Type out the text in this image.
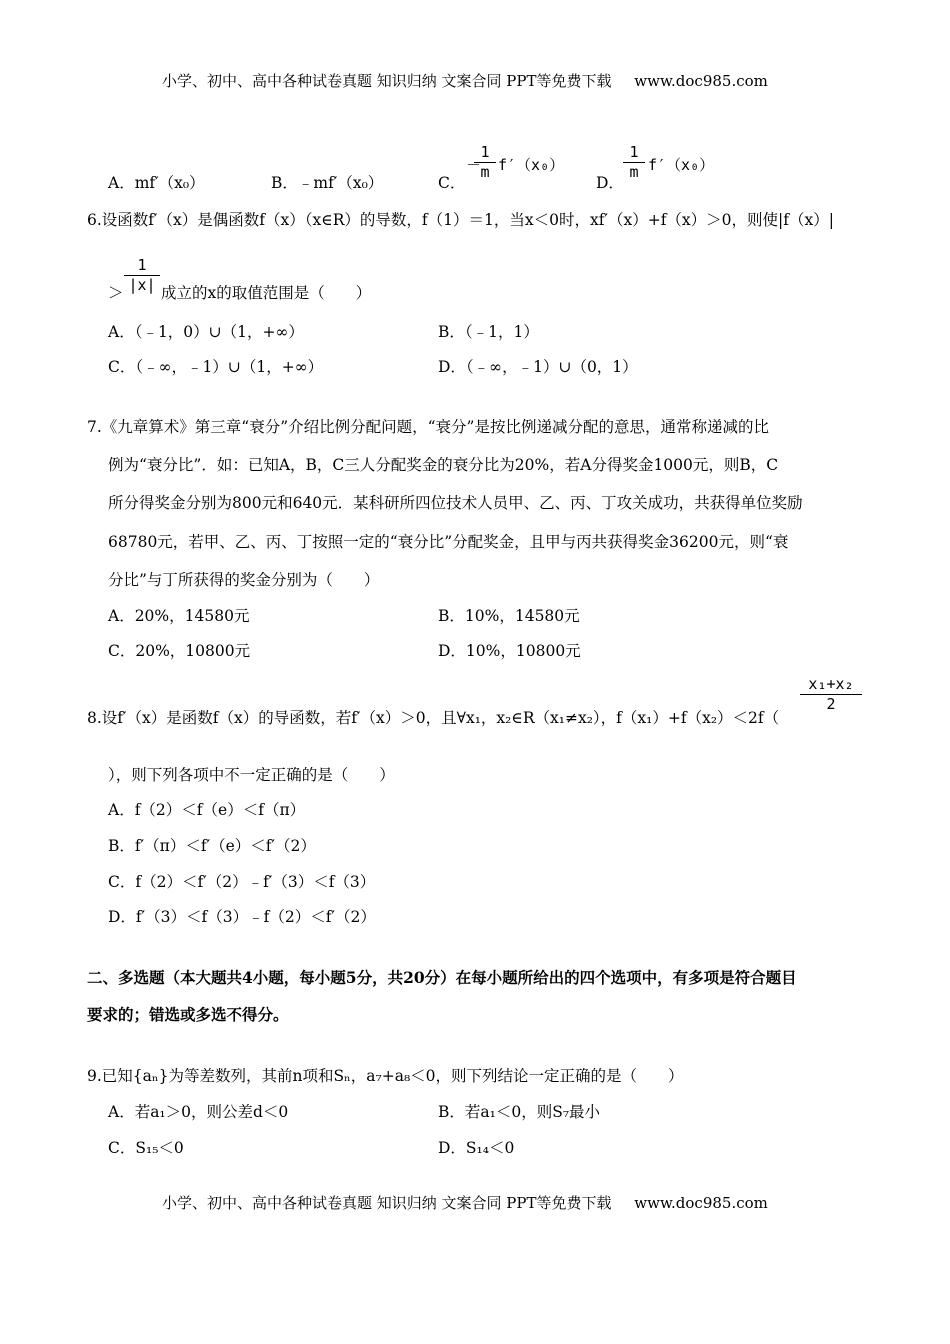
小学、初中、高中各种试卷真题 知识归纳 文案合同 PPT等免费下载 www.doc985.com
A．mf′（x₀）	B．﹣mf′（x₀）	C．
－
$\frac{1}{m} f'(x_0)$
D．
$\frac{1}{m} f'(x_0)$
6.设函数f′（x）是偶函数f（x）（x∈R）的导数，f（1）＝1，当x＜0时，xf′（x）+f（x）＞0，则使|f（x）|
＞ $\frac{1}{|x|}$ 成立的x的取值范围是（　　）
A．（﹣1，0）∪（1，+∞）	B．（﹣1，1）
C．（﹣∞，﹣1）∪（1，+∞）	D．（﹣∞，﹣1）∪（0，1）
7.《九章算术》第三章“衰分”介绍比例分配问题，“衰分”是按比例递减分配的意思，通常称递减的比
例为“衰分比”．如：已知A，B，C三人分配奖金的衰分比为20%，若A分得奖金1000元，则B，C
所分得奖金分别为800元和640元．某科研所四位技术人员甲、乙、丙、丁攻关成功，共获得单位奖励
68780元，若甲、乙、丙、丁按照一定的“衰分比”分配奖金，且甲与丙共获得奖金36200元，则“衰
分比”与丁所获得的奖金分别为（　　）
A．20%，14580元	B．10%，14580元
C．20%，10800元	D．10%，10800元
8.设f′（x）是函数f（x）的导函数，若f′（x）＞0，且∀x₁，x₂∈R（x₁≠x₂），f（x₁）+f（x₂）＜2f（
$\frac{\text{x₁+x₂}}{2}$
），则下列各项中不一定正确的是（　　）
A．f（2）＜f（e）＜f（π）
B．f′（π）＜f′（e）＜f′（2）
C．f（2）＜f′（2）﹣f′（3）＜f（3）
D．f′（3）＜f（3）﹣f（2）＜f′（2）
二、多选题（本大题共4小题，每小题5分，共20分）在每小题所给出的四个选项中，有多项是符合题目
要求的；错选或多选不得分。
9.已知{aₙ}为等差数列，其前n项和Sₙ，a₇+a₈＜0，则下列结论一定正确的是（　　）
A．若a₁＞0，则公差d＜0	B．若a₁＜0，则S₇最小
C．S₁₅＜0	D．S₁₄＜0
小学、初中、高中各种试卷真题 知识归纳 文案合同 PPT等免费下载 www.doc985.com
